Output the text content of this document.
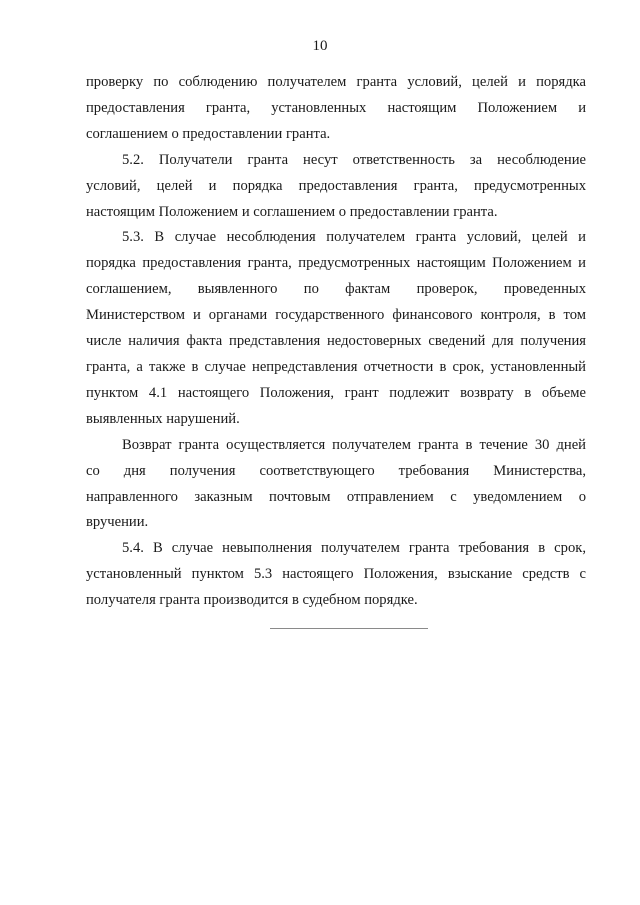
10
проверку по соблюдению получателем гранта условий, целей и порядка
предоставления гранта, установленных настоящим Положением и
соглашением о предоставлении гранта.
5.2. Получатели гранта несут ответственность за несоблюдение
условий, целей и порядка предоставления гранта, предусмотренных
настоящим Положением и соглашением о предоставлении гранта.
5.3. В случае несоблюдения получателем гранта условий, целей и
порядка предоставления гранта, предусмотренных настоящим Положением и
соглашением, выявленного по фактам проверок, проведенных
Министерством и органами государственного финансового контроля, в том
числе наличия факта представления недостоверных сведений для получения
гранта, а также в случае непредставления отчетности в срок, установленный
пунктом 4.1 настоящего Положения, грант подлежит возврату в объеме
выявленных нарушений.
Возврат гранта осуществляется получателем гранта в течение 30 дней
со дня получения соответствующего требования Министерства,
направленного заказным почтовым отправлением с уведомлением о
вручении.
5.4. В случае невыполнения получателем гранта требования в срок,
установленный пунктом 5.3 настоящего Положения, взыскание средств с
получателя гранта производится в судебном порядке.
